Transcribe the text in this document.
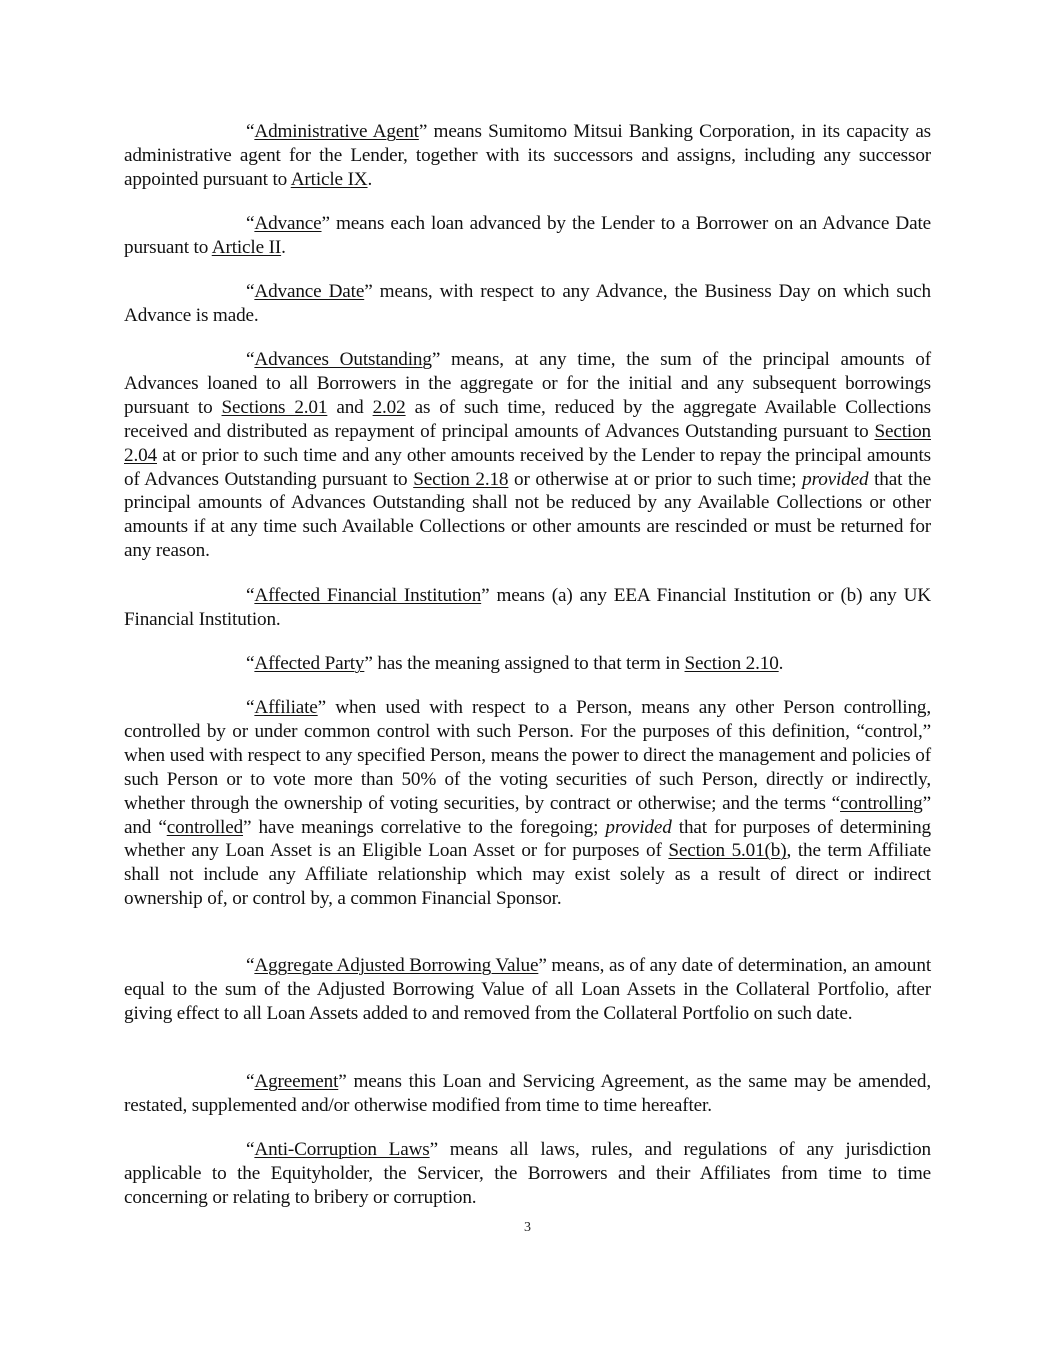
“Administrative Agent” means Sumitomo Mitsui Banking Corporation, in its capacity as administrative agent for the Lender, together with its successors and assigns, including any successor appointed pursuant to Article IX.

“Advance” means each loan advanced by the Lender to a Borrower on an Advance Date pursuant to Article II.

“Advance Date” means, with respect to any Advance, the Business Day on which such Advance is made.

“Advances Outstanding” means, at any time, the sum of the principal amounts of Advances loaned to all Borrowers in the aggregate or for the initial and any subsequent borrowings pursuant to Sections 2.01 and 2.02 as of such time, reduced by the aggregate Available Collections received and distributed as repayment of principal amounts of Advances Outstanding pursuant to Section 2.04 at or prior to such time and any other amounts received by the Lender to repay the principal amounts of Advances Outstanding pursuant to Section 2.18 or otherwise at or prior to such time; provided that the principal amounts of Advances Outstanding shall not be reduced by any Available Collections or other amounts if at any time such Available Collections or other amounts are rescinded or must be returned for any reason.

“Affected Financial Institution” means (a) any EEA Financial Institution or (b) any UK Financial Institution.

“Affected Party” has the meaning assigned to that term in Section 2.10.

“Affiliate” when used with respect to a Person, means any other Person controlling, controlled by or under common control with such Person. For the purposes of this definition, “control,” when used with respect to any specified Person, means the power to direct the management and policies of such Person or to vote more than 50% of the voting securities of such Person, directly or indirectly, whether through the ownership of voting securities, by contract or otherwise; and the terms “controlling” and “controlled” have meanings correlative to the foregoing; provided that for purposes of determining whether any Loan Asset is an Eligible Loan Asset or for purposes of Section 5.01(b), the term Affiliate shall not include any Affiliate relationship which may exist solely as a result of direct or indirect ownership of, or control by, a common Financial Sponsor.

“Aggregate Adjusted Borrowing Value” means, as of any date of determination, an amount equal to the sum of the Adjusted Borrowing Value of all Loan Assets in the Collateral Portfolio, after giving effect to all Loan Assets added to and removed from the Collateral Portfolio on such date.

“Agreement” means this Loan and Servicing Agreement, as the same may be amended, restated, supplemented and/or otherwise modified from time to time hereafter.

“Anti-Corruption Laws” means all laws, rules, and regulations of any jurisdiction applicable to the Equityholder, the Servicer, the Borrowers and their Affiliates from time to time concerning or relating to bribery or corruption.

3
